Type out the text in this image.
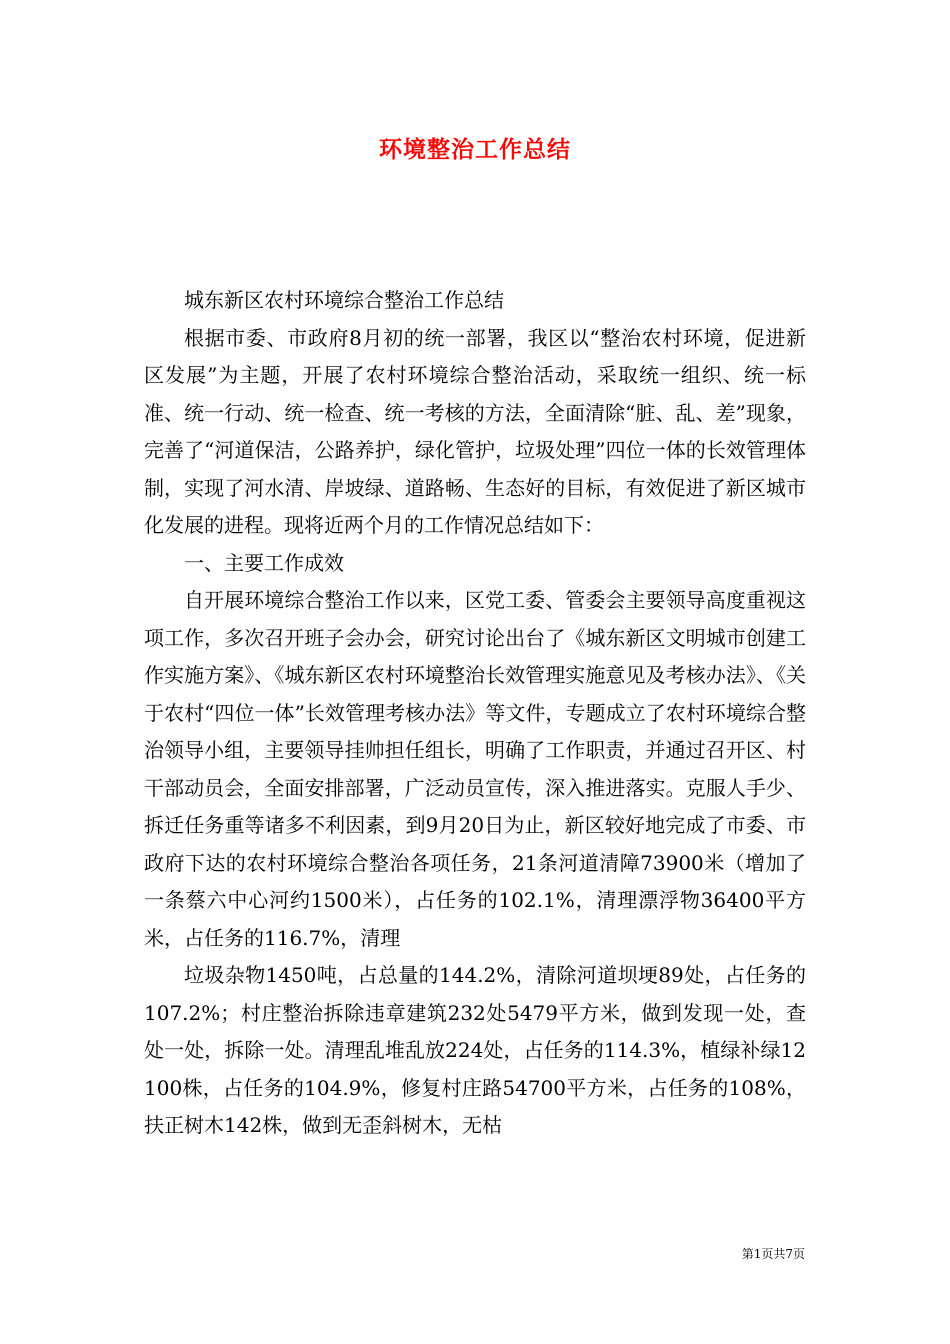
环境整治工作总结

城东新区农村环境综合整治工作总结

根据市委、市政府8月初的统一部署，我区以“整治农村环境，促进新区发展”为主题，开展了农村环境综合整治活动，采取统一组织、统一标准、统一行动、统一检查、统一考核的方法，全面清除“脏、乱、差”现象，完善了“河道保洁，公路养护，绿化管护，垃圾处理”四位一体的长效管理体制，实现了河水清、岸坡绿、道路畅、生态好的目标，有效促进了新区城市化发展的进程。现将近两个月的工作情况总结如下：

一、主要工作成效

自开展环境综合整治工作以来，区党工委、管委会主要领导高度重视这项工作，多次召开班子会办会，研究讨论出台了《城东新区文明城市创建工作实施方案》、《城东新区农村环境整治长效管理实施意见及考核办法》、《关于农村“四位一体”长效管理考核办法》等文件，专题成立了农村环境综合整治领导小组，主要领导挂帅担任组长，明确了工作职责，并通过召开区、村干部动员会，全面安排部署，广泛动员宣传，深入推进落实。克服人手少、拆迁任务重等诸多不利因素，到9月20日为止，新区较好地完成了市委、市政府下达的农村环境综合整治各项任务，21条河道清障73900米（增加了一条蔡六中心河约1500米），占任务的102.1%，清理漂浮物36400平方米，占任务的116.7%，清理

垃圾杂物1450吨，占总量的144.2%，清除河道坝埂89处，占任务的107.2%；村庄整治拆除违章建筑232处5479平方米，做到发现一处，查处一处，拆除一处。清理乱堆乱放224处，占任务的114.3%，植绿补绿12100株，占任务的104.9%，修复村庄路54700平方米，占任务的108%，扶正树木142株，做到无歪斜树木，无枯

第1页共7页
